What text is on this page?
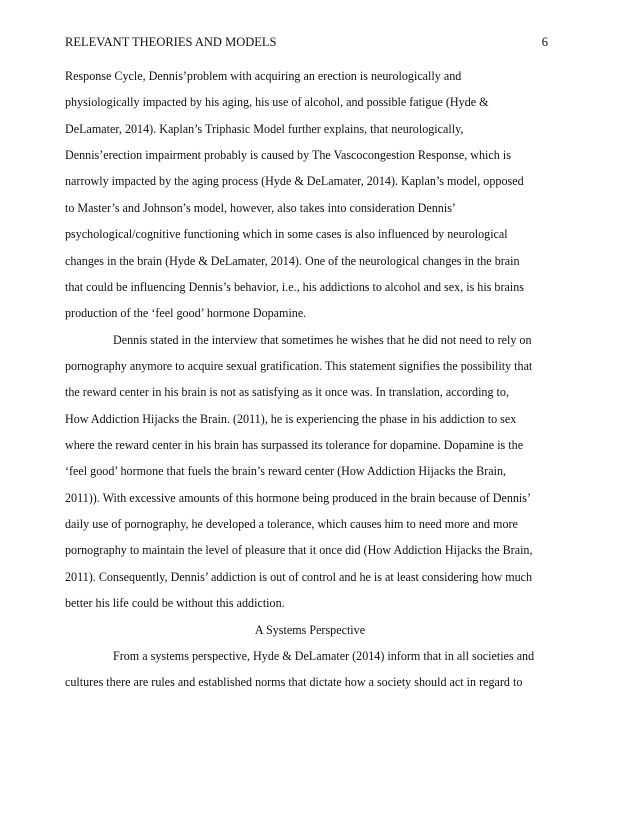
RELEVANT THEORIES AND MODELS	6
Response Cycle, Dennis’problem with acquiring an erection is neurologically and
physiologically impacted by his aging, his use of alcohol, and possible fatigue (Hyde &
DeLamater, 2014). Kaplan’s Triphasic Model further explains, that neurologically,
Dennis’erection impairment probably is caused by The Vascocongestion Response, which is
narrowly impacted by the aging process (Hyde & DeLamater, 2014). Kaplan’s model, opposed
to Master’s and Johnson’s model, however, also takes into consideration Dennis’
psychological/cognitive functioning which in some cases is also influenced by neurological
changes in the brain (Hyde & DeLamater, 2014). One of the neurological changes in the brain
that could be influencing Dennis’s behavior, i.e., his addictions to alcohol and sex, is his brains
production of the ‘feel good’ hormone Dopamine.
Dennis stated in the interview that sometimes he wishes that he did not need to rely on
pornography anymore to acquire sexual gratification. This statement signifies the possibility that
the reward center in his brain is not as satisfying as it once was. In translation, according to,
How Addiction Hijacks the Brain. (2011), he is experiencing the phase in his addiction to sex
where the reward center in his brain has surpassed its tolerance for dopamine. Dopamine is the
‘feel good’ hormone that fuels the brain’s reward center (How Addiction Hijacks the Brain,
2011)). With excessive amounts of this hormone being produced in the brain because of Dennis’
daily use of pornography, he developed a tolerance, which causes him to need more and more
pornography to maintain the level of pleasure that it once did (How Addiction Hijacks the Brain,
2011). Consequently, Dennis’ addiction is out of control and he is at least considering how much
better his life could be without this addiction.
A Systems Perspective
From a systems perspective, Hyde & DeLamater (2014) inform that in all societies and
cultures there are rules and established norms that dictate how a society should act in regard to
